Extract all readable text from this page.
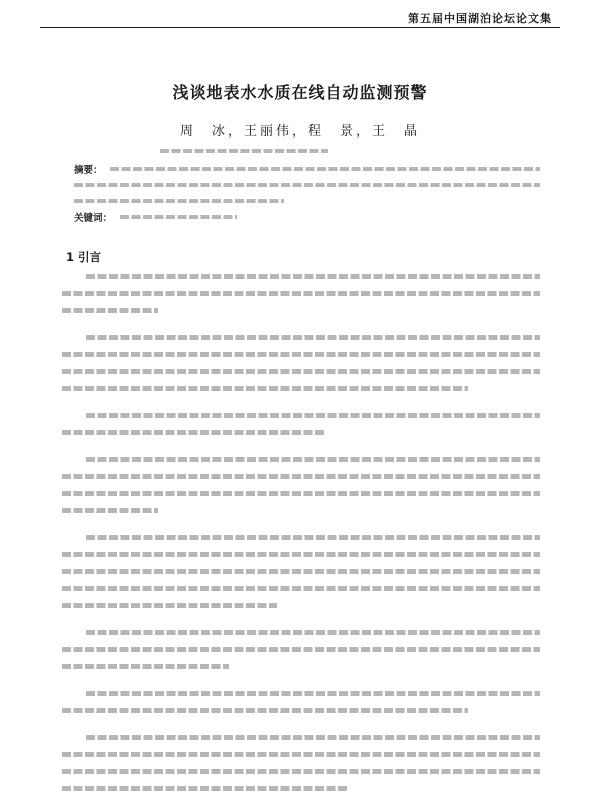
第五届中国湖泊论坛论文集
浅谈地表水水质在线自动监测预警
周　冰，王丽伟，程　景，王　晶
摘要：
关键词：
1 引言
